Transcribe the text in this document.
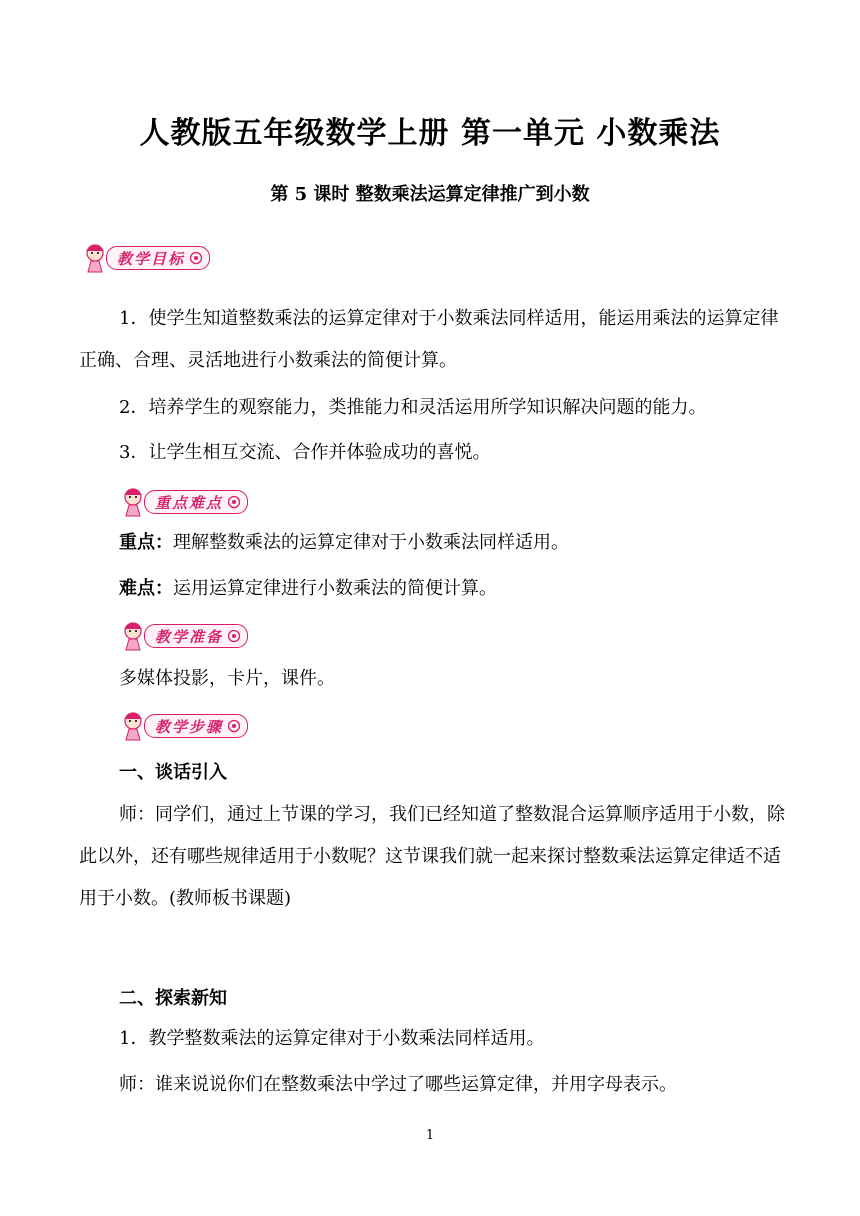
人教版五年级数学上册 第一单元 小数乘法
第 5 课时 整数乘法运算定律推广到小数
教学目标
1．使学生知道整数乘法的运算定律对于小数乘法同样适用，能运用乘法的运算定律正确、合理、灵活地进行小数乘法的简便计算。
2．培养学生的观察能力，类推能力和灵活运用所学知识解决问题的能力。
3．让学生相互交流、合作并体验成功的喜悦。
重点难点
重点：理解整数乘法的运算定律对于小数乘法同样适用。
难点：运用运算定律进行小数乘法的简便计算。
教学准备
多媒体投影，卡片，课件。
教学步骤
一、谈话引入
师：同学们，通过上节课的学习，我们已经知道了整数混合运算顺序适用于小数，除此以外，还有哪些规律适用于小数呢？这节课我们就一起来探讨整数乘法运算定律适不适用于小数。(教师板书课题)
二、探索新知
1．教学整数乘法的运算定律对于小数乘法同样适用。
师：谁来说说你们在整数乘法中学过了哪些运算定律，并用字母表示。
1
